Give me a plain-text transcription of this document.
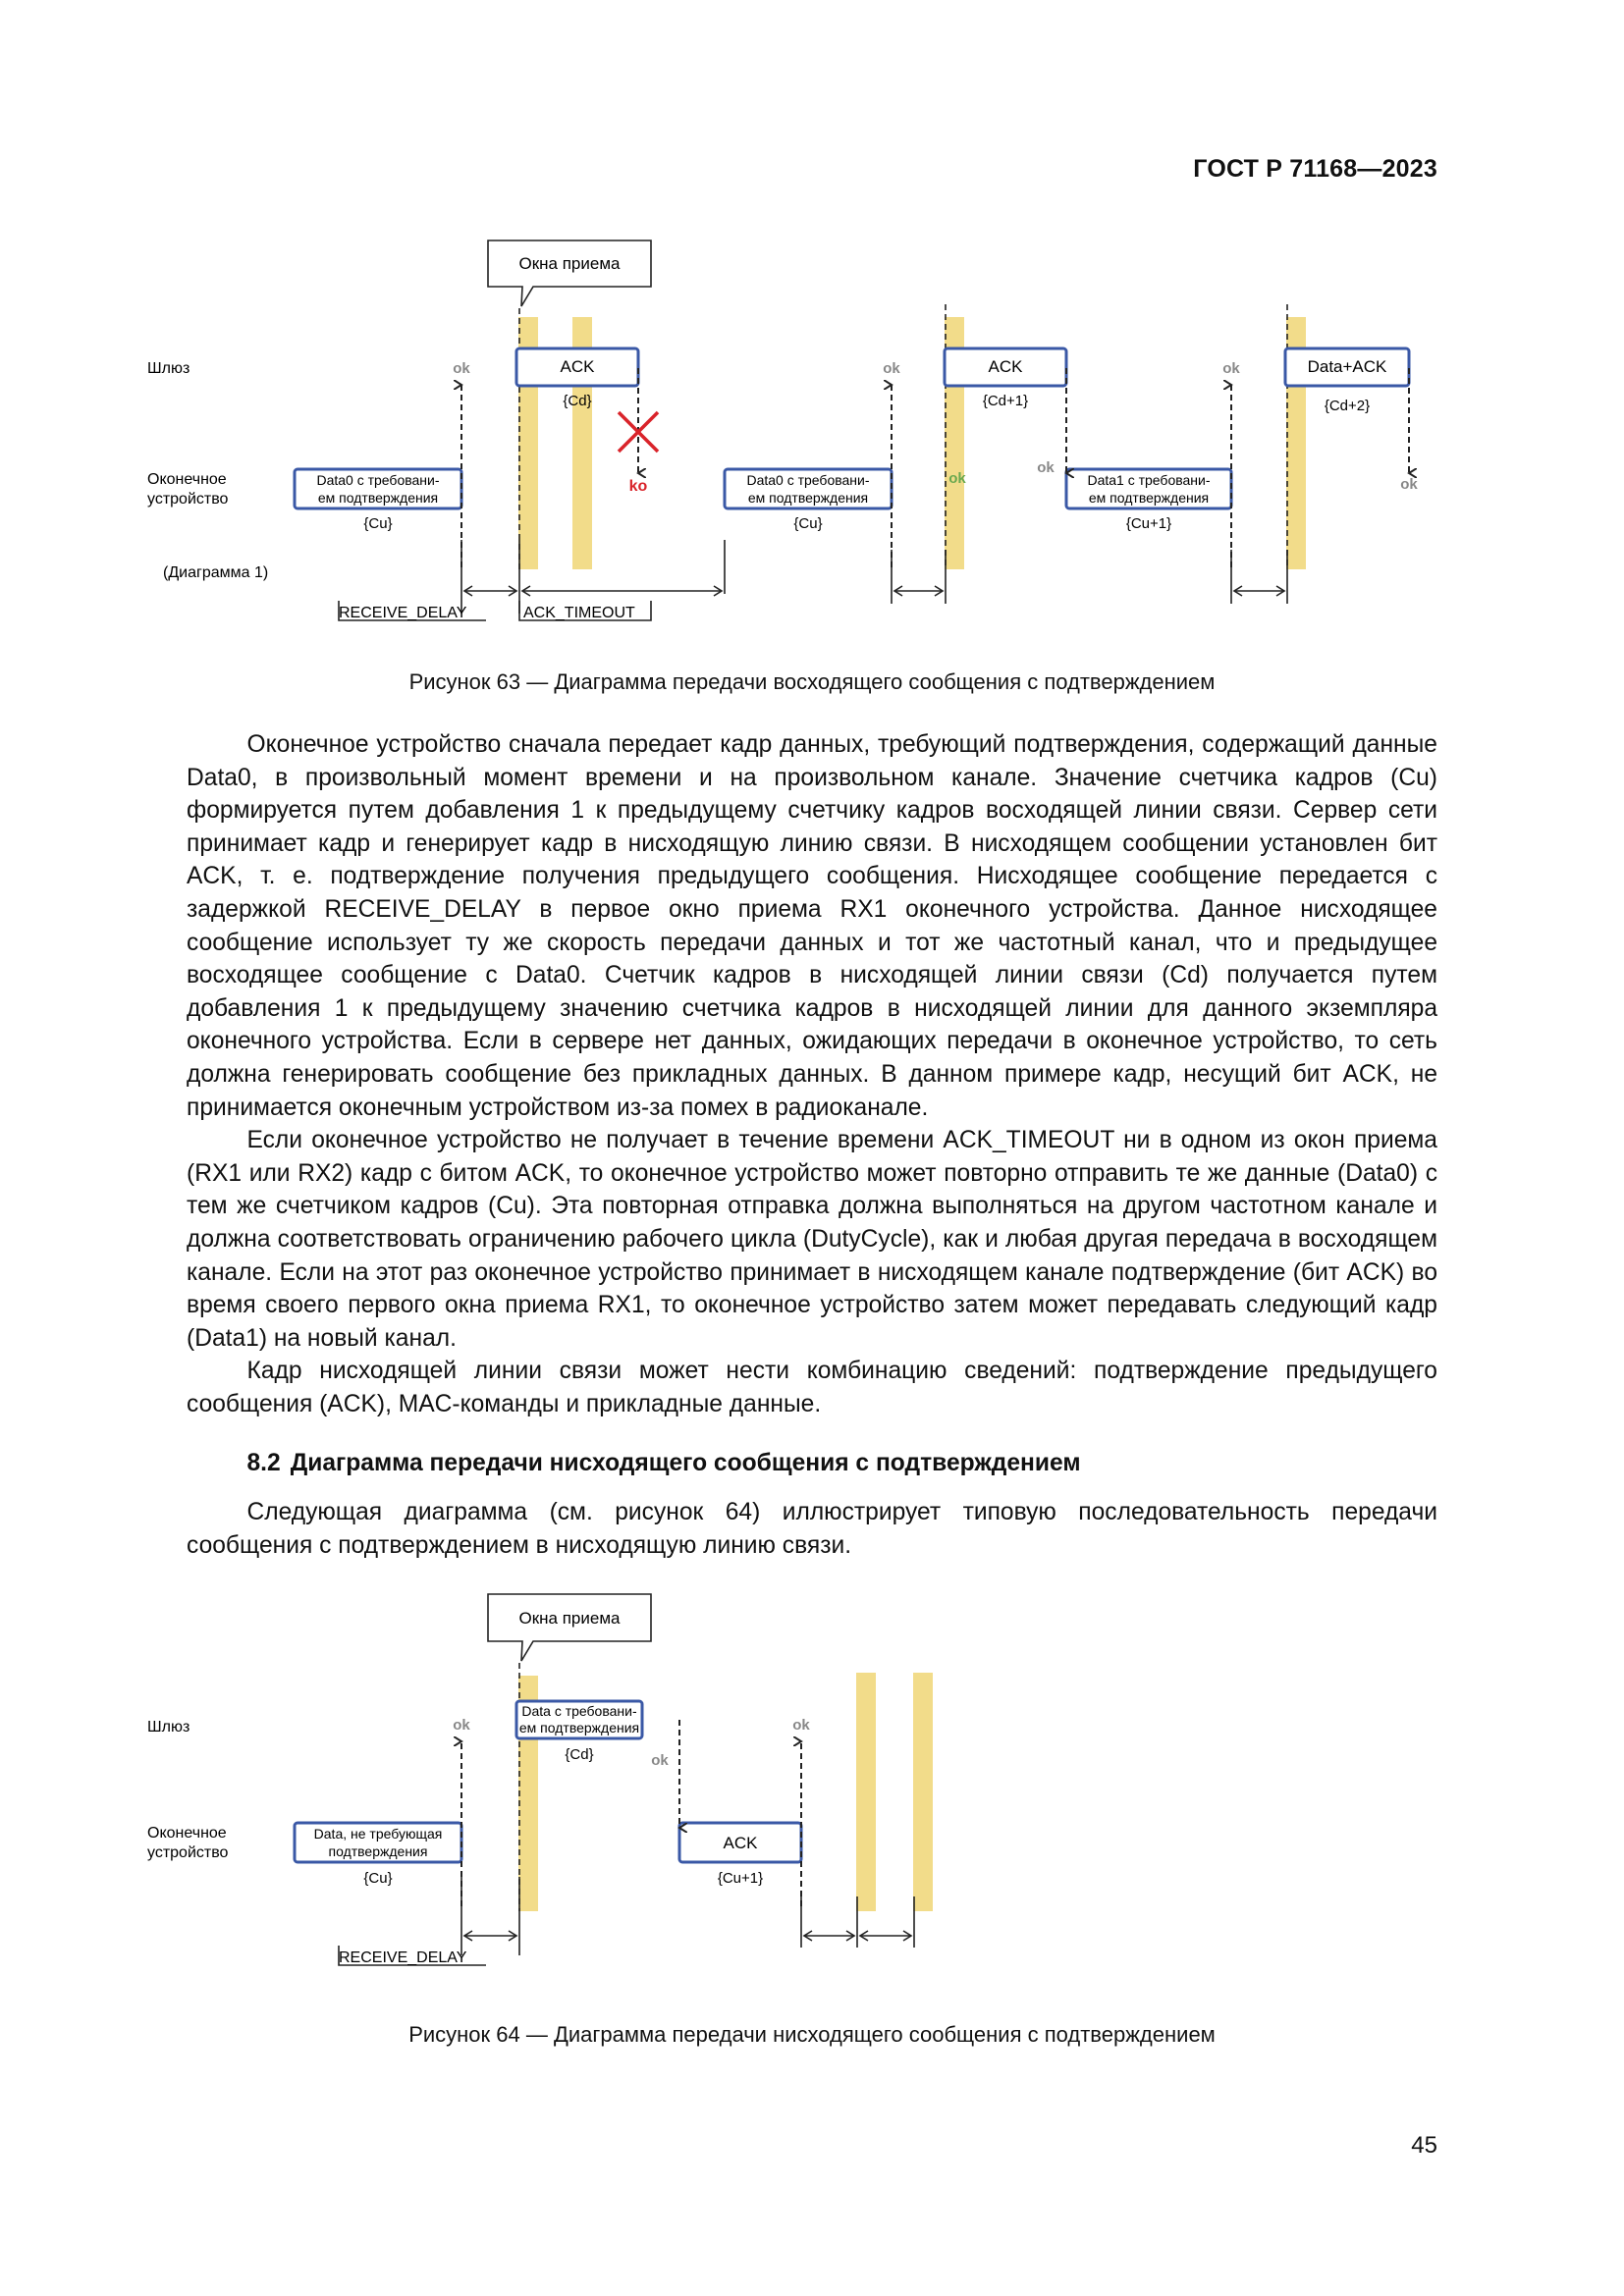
ГОСТ Р 71168—2023
Окна приема
Шлюз
Оконечное
устройство
(Диаграмма 1)
ACK
{Cd}
ACK
{Cd+1}
Data+ACK
{Cd+2}
Data0 с требовани-
ем подтверждения
{Cu}
Data0 с требовани-
ем подтверждения
{Cu}
Data1 с требовани-
ем подтверждения
{Cu+1}
ko
ok	ok	ok
ok
ok	ok
RECEIVE_DELAY	ACK_TIMEOUT
Рисунок 63 — Диаграмма передачи восходящего сообщения с подтверждением

Оконечное устройство сначала передает кадр данных, требующий подтверждения, содержащий данные Data0, в произвольный момент времени и на произвольном канале. Значение счетчика кадров (Cu) формируется путем добавления 1 к предыдущему счетчику кадров восходящей линии связи. Сервер сети принимает кадр и генерирует кадр в нисходящую линию связи. В нисходящем сообщении установлен бит ACK, т. е. подтверждение получения предыдущего сообщения. Нисходящее сообщение передается с задержкой RECEIVE_DELAY в первое окно приема RX1 оконечного устройства. Данное нисходящее сообщение использует ту же скорость передачи данных и тот же частотный канал, что и предыдущее восходящее сообщение с Data0. Счетчик кадров в нисходящей линии связи (Cd) получается путем добавления 1 к предыдущему значению счетчика кадров в нисходящей линии для данного экземпляра оконечного устройства. Если в сервере нет данных, ожидающих передачи в оконечное устройство, то сеть должна генерировать сообщение без прикладных данных. В данном примере кадр, несущий бит ACK, не принимается оконечным устройством из-за помех в радиоканале.

Если оконечное устройство не получает в течение времени ACK_TIMEOUT ни в одном из окон приема (RX1 или RX2) кадр с битом ACK, то оконечное устройство может повторно отправить те же данные (Data0) с тем же счетчиком кадров (Cu). Эта повторная отправка должна выполняться на другом частотном канале и должна соответствовать ограничению рабочего цикла (DutyCycle), как и любая другая передача в восходящем канале. Если на этот раз оконечное устройство принимает в нисходящем канале подтверждение (бит ACK) во время своего первого окна приема RX1, то оконечное устройство затем может передавать следующий кадр (Data1) на новый канал.

Кадр нисходящей линии связи может нести комбинацию сведений: подтверждение предыдущего сообщения (ACK), MAC-команды и прикладные данные.

8.2 Диаграмма передачи нисходящего сообщения с подтверждением

Следующая диаграмма (см. рисунок 64) иллюстрирует типовую последовательность передачи сообщения с подтверждением в нисходящую линию связи.

Окна приема
Шлюз
Оконечное
устройство
Data с требовани-
ем подтверждения
{Cd}
Data, не требующая
подтверждения
{Cu}
ACK
{Cu+1}
ok
ok
ok
RECEIVE_DELAY
Рисунок 64 — Диаграмма передачи нисходящего сообщения с подтверждением
45
